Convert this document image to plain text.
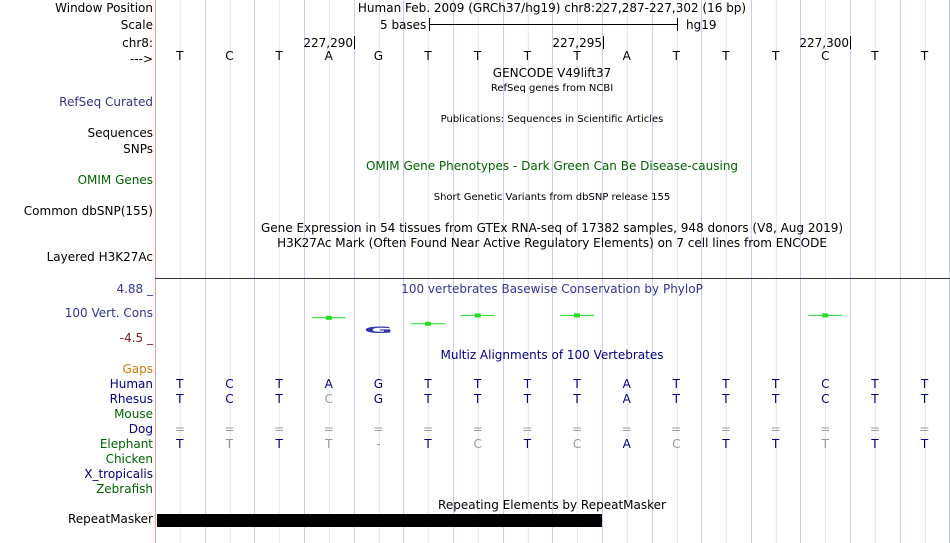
Window Position	Human Feb. 2009 (GRCh37/hg19) chr8:227,287-227,302 (16 bp)
Scale	5 bases	hg19
chr8:	227,290	227,295	227,300
--->	T	C	T	A	G	T	T	T	T	A	T	T	T	C	T	T
GENCODE V49lift37
RefSeq genes from NCBI
RefSeq Curated
Publications: Sequences in Scientific Articles
Sequences
SNPs
OMIM Gene Phenotypes - Dark Green Can Be Disease-causing
OMIM Genes
Short Genetic Variants from dbSNP release 155
Common dbSNP(155)
Gene Expression in 54 tissues from GTEx RNA-seq of 17382 samples, 948 donors (V8, Aug 2019)
H3K27Ac Mark (Often Found Near Active Regulatory Elements) on 7 cell lines from ENCODE
Layered H3K27Ac
100 vertebrates Basewise Conservation by PhyloP
4.88 _
100 Vert. Cons
-4.5 _
G
Multiz Alignments of 100 Vertebrates
Gaps
Human	T	C	T	A	G	T	T	T	T	A	T	T	T	C	T	T
Rhesus	T	C	T	C	G	T	T	T	T	A	T	T	T	C	T	T
Mouse
Dog	=	=	=	=	=	=	=	=	=	=	=	=	=	=	=	=
Elephant	T	T	T	T	-	T	C	T	C	A	C	T	T	T	T	T
Chicken
X_tropicalis
Zebrafish
Repeating Elements by RepeatMasker
RepeatMasker
